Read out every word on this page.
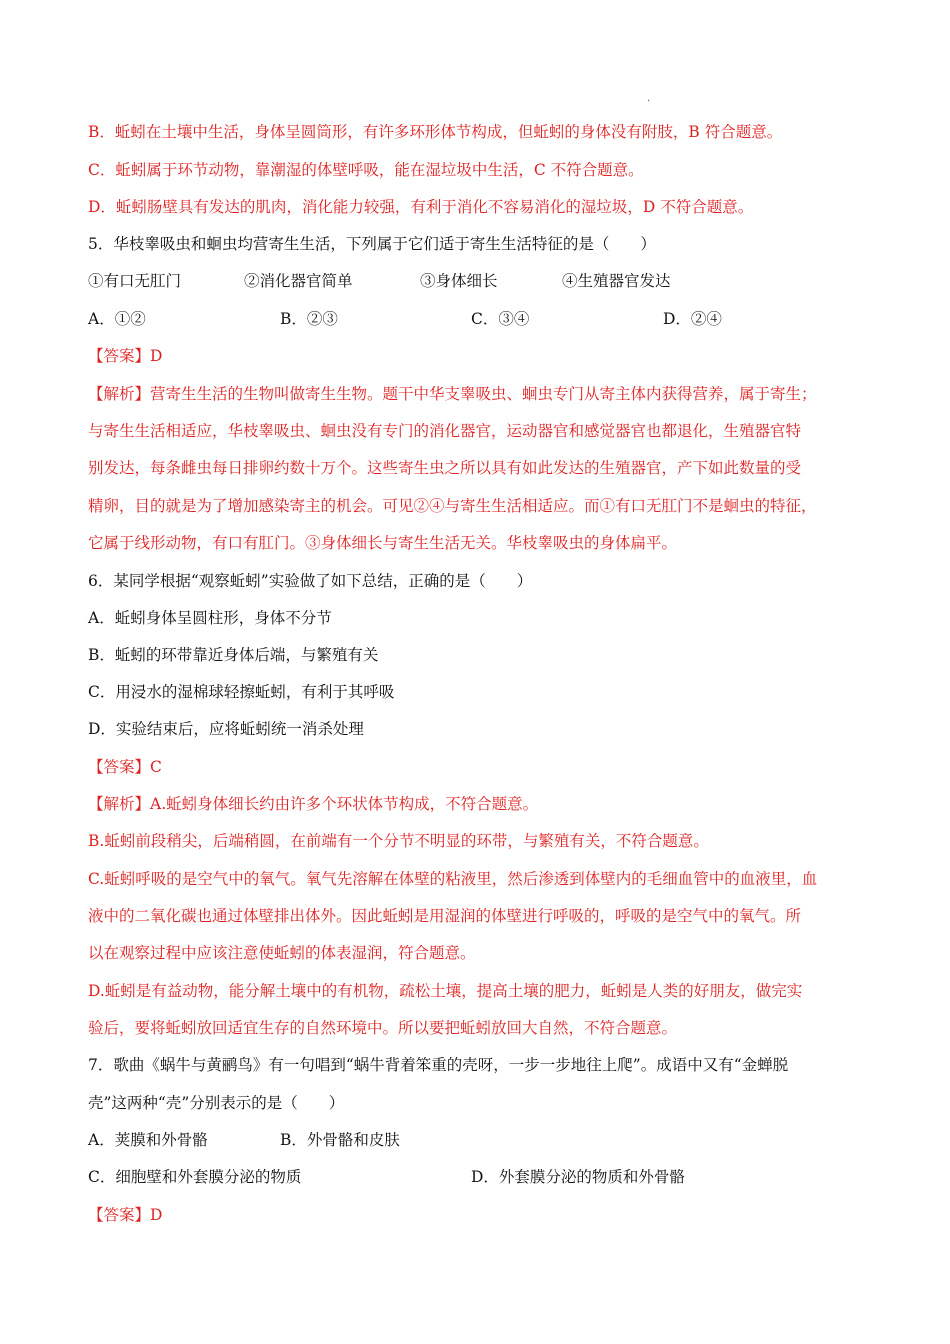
·
B．蚯蚓在土壤中生活，身体呈圆筒形，有许多环形体节构成，但蚯蚓的身体没有附肢，B 符合题意。
C．蚯蚓属于环节动物，靠潮湿的体壁呼吸，能在湿垃圾中生活，C 不符合题意。
D．蚯蚓肠壁具有发达的肌肉，消化能力较强，有利于消化不容易消化的湿垃圾，D 不符合题意。
5．华枝睾吸虫和蛔虫均营寄生生活，下列属于它们适于寄生生活特征的是（　　）
①有口无肛门	②消化器官简单	③身体细长	④生殖器官发达
A．①②	B．②③	C．③④	D．②④
【答案】D
【解析】营寄生生活的生物叫做寄生生物。题干中华支睾吸虫、蛔虫专门从寄主体内获得营养，属于寄生；
与寄生生活相适应，华枝睾吸虫、蛔虫没有专门的消化器官，运动器官和感觉器官也都退化，生殖器官特
别发达，每条雌虫每日排卵约数十万个。这些寄生虫之所以具有如此发达的生殖器官，产下如此数量的受
精卵，目的就是为了增加感染寄主的机会。可见②④与寄生生活相适应。而①有口无肛门不是蛔虫的特征，
它属于线形动物，有口有肛门。③身体细长与寄生生活无关。华枝睾吸虫的身体扁平。
6．某同学根据“观察蚯蚓”实验做了如下总结，正确的是（　　）
A．蚯蚓身体呈圆柱形，身体不分节
B．蚯蚓的环带靠近身体后端，与繁殖有关
C．用浸水的湿棉球轻擦蚯蚓，有利于其呼吸
D．实验结束后，应将蚯蚓统一消杀处理
【答案】C
【解析】A.蚯蚓身体细长约由许多个环状体节构成，不符合题意。
B.蚯蚓前段稍尖，后端稍圆，在前端有一个分节不明显的环带，与繁殖有关，不符合题意。
C.蚯蚓呼吸的是空气中的氧气。氧气先溶解在体壁的粘液里，然后渗透到体壁内的毛细血管中的血液里，血
液中的二氧化碳也通过体壁排出体外。因此蚯蚓是用湿润的体壁进行呼吸的，呼吸的是空气中的氧气。所
以在观察过程中应该注意使蚯蚓的体表湿润，符合题意。
D.蚯蚓是有益动物，能分解土壤中的有机物，疏松土壤，提高土壤的肥力，蚯蚓是人类的好朋友，做完实
验后，要将蚯蚓放回适宜生存的自然环境中。所以要把蚯蚓放回大自然，不符合题意。
7．歌曲《蜗牛与黄鹂鸟》有一句唱到“蜗牛背着笨重的壳呀，一步一步地往上爬”。成语中又有“金蝉脱
壳”这两种“壳”分别表示的是（　　）
A．荚膜和外骨骼	B．外骨骼和皮肤
C．细胞壁和外套膜分泌的物质	D．外套膜分泌的物质和外骨骼
【答案】D
